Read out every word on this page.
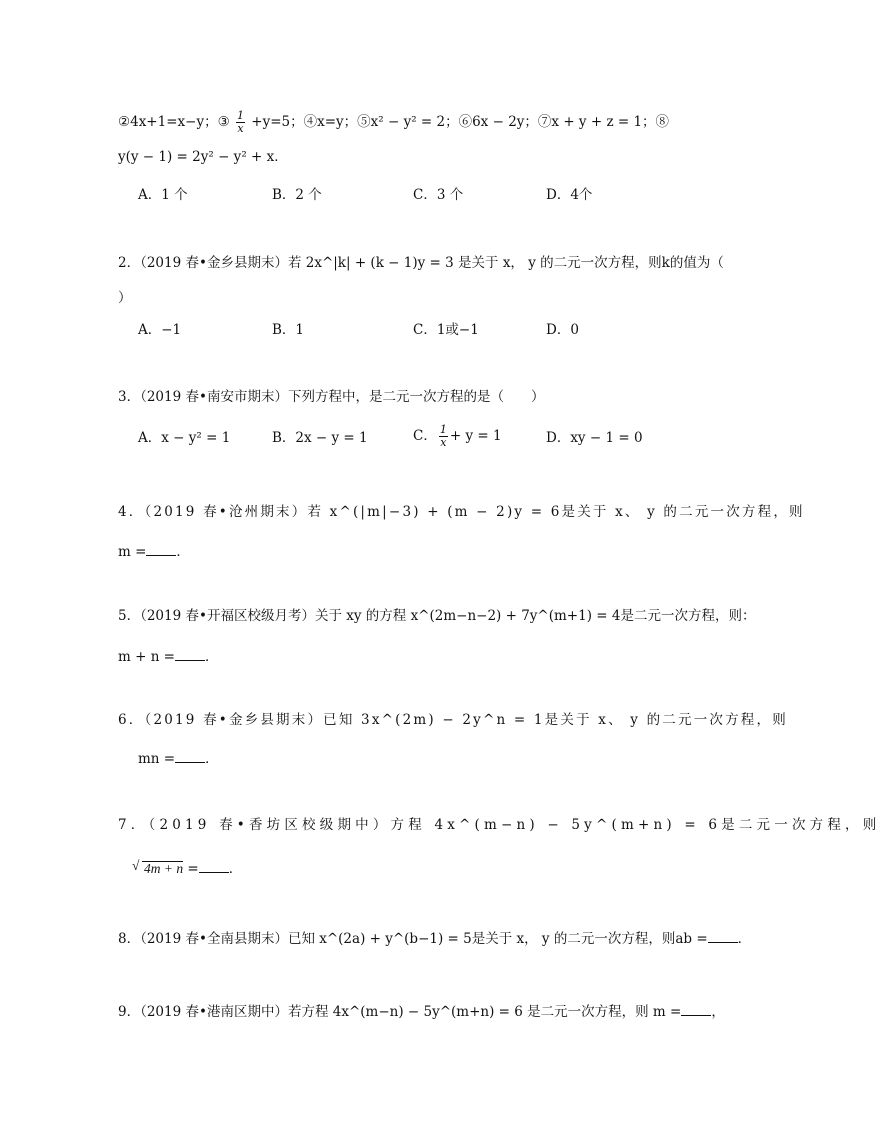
②4x+1=x−y；③ $\frac{1}{x} +y=5$；④x=y；⑤x² − y² = 2；⑥6x − 2y；⑦x + y + z = 1；⑧
y(y − 1) = 2y² − y² + x．
A．1 个	B．2 个	C．3 个	D．4个
2．（2019 春•金乡县期末）若 2x^|k| + (k − 1)y = 3 是关于 x， y 的二元一次方程，则k的值为（
）
A．−1	B．1	C．1或−1	D．0
3．（2019 春•南安市期末）下列方程中，是二元一次方程的是（　　）
A．x − y² = 1	B．2x − y = 1	C． $\frac{1}{x} + y = 1$	D．xy − 1 = 0
4．（2019 春•沧州期末）若 x^(|m|−3) + (m − 2)y = 6是关于 x、 y 的二元一次方程，则
m = ．
5．（2019 春•开福区校级月考）关于 xy 的方程 x^(2m−n−2) + 7y^(m+1) = 4是二元一次方程，则：
m + n = ．
6．（2019 春•金乡县期末）已知 3x^(2m) − 2y^n = 1是关于 x、 y 的二元一次方程，则
mn = ．
7．（2019 春•香坊区校级期中）方程 4x^(m−n) − 5y^(m+n) = 6是二元一次方程，则
√ 4m + n = ．
8．（2019 春•全南县期末）已知 x^(2a) + y^(b−1) = 5是关于 x， y 的二元一次方程，则ab = ．
9．（2019 春•港南区期中）若方程 4x^(m−n) − 5y^(m+n) = 6 是二元一次方程，则 m = ，
